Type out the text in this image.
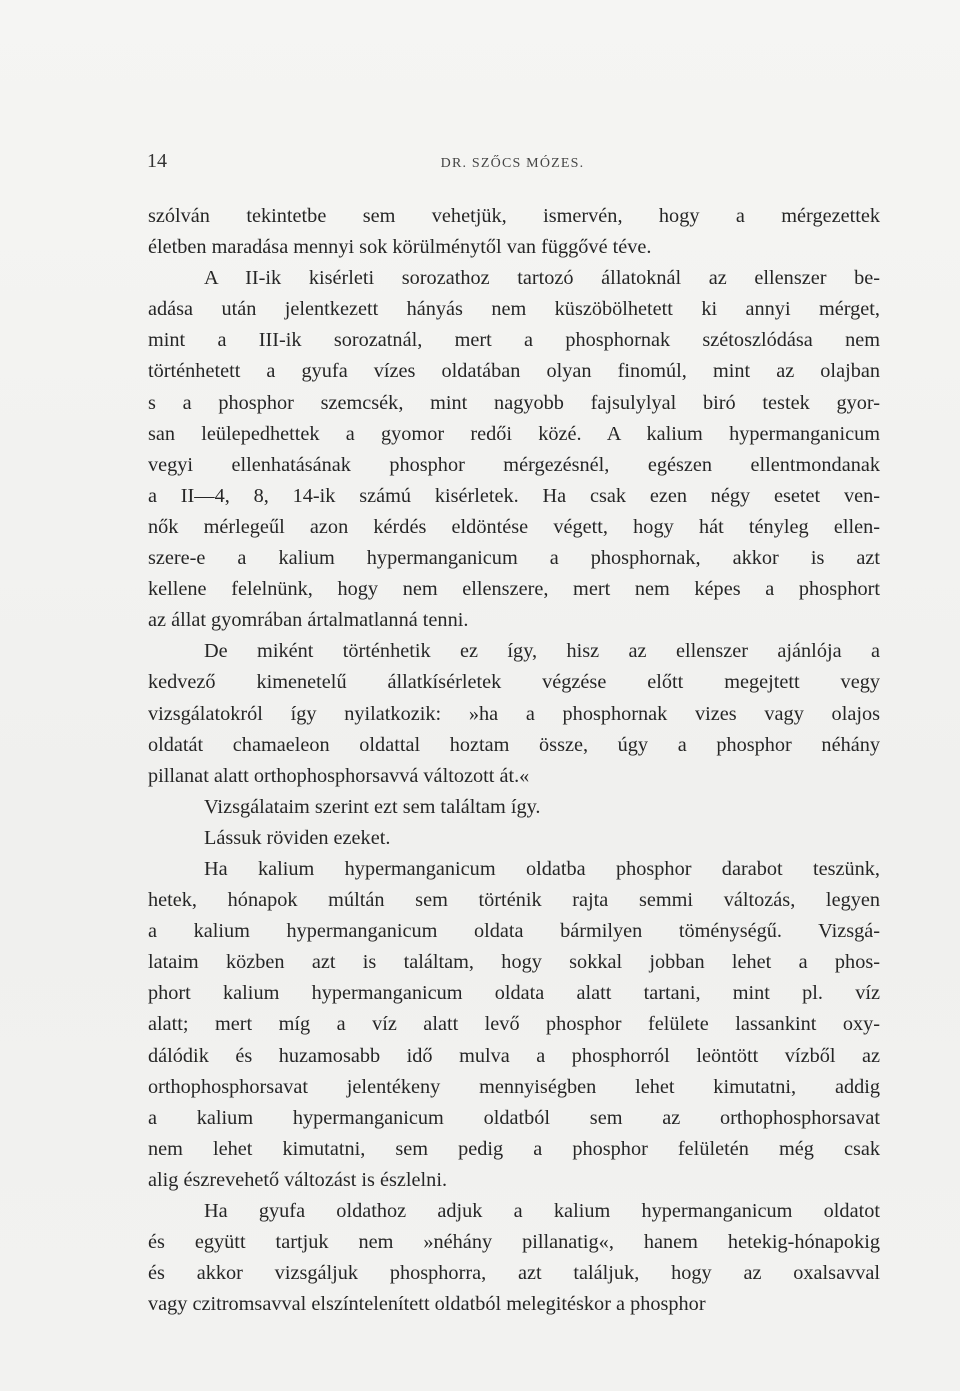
14	DR. SZŐCS MÓZES.
szólván tekintetbe sem vehetjük, ismervén, hogy a mérgezettek
életben maradása mennyi sok körülménytől van függővé téve.
A II-ik kisérleti sorozathoz tartozó állatoknál az ellenszer be-
adása után jelentkezett hányás nem küszöbölhetett ki annyi mérget,
mint a III-ik sorozatnál, mert a phosphornak szétoszlódása nem
történhetett a gyufa vízes oldatában olyan finomúl, mint az olajban
s a phosphor szemcsék, mint nagyobb fajsulylyal biró testek gyor-
san leülepedhettek a gyomor redői közé. A kalium hypermanganicum
vegyi ellenhatásának phosphor mérgezésnél, egészen ellentmondanak
a II—4, 8, 14-ik számú kisérletek. Ha csak ezen négy esetet ven-
nők mérlegeűl azon kérdés eldöntése végett, hogy hát tényleg ellen-
szere-e a kalium hypermanganicum a phosphornak, akkor is azt
kellene felelnünk, hogy nem ellenszere, mert nem képes a phosphort
az állat gyomrában ártalmatlanná tenni.
De miként történhetik ez így, hisz az ellenszer ajánlója a
kedvező kimenetelű állatkísérletek végzése előtt megejtett vegy
vizsgálatokról így nyilatkozik: »ha a phosphornak vizes vagy olajos
oldatát chamaeleon oldattal hoztam össze, úgy a phosphor néhány
pillanat alatt orthophosphorsavvá változott át.«
Vizsgálataim szerint ezt sem találtam így.
Lássuk röviden ezeket.
Ha kalium hypermanganicum oldatba phosphor darabot teszünk,
hetek, hónapok múltán sem történik rajta semmi változás, legyen
a kalium hypermanganicum oldata bármilyen töménységű. Vizsgá-
lataim közben azt is találtam, hogy sokkal jobban lehet a phos-
phort kalium hypermanganicum oldata alatt tartani, mint pl. víz
alatt; mert míg a víz alatt levő phosphor felülete lassankint oxy-
dálódik és huzamosabb idő mulva a phosphorról leöntött vízből az
orthophosphorsavat jelentékeny mennyiségben lehet kimutatni, addig
a kalium hypermanganicum oldatból sem az orthophosphorsavat
nem lehet kimutatni, sem pedig a phosphor felületén még csak
alig észrevehető változást is észlelni.
Ha gyufa oldathoz adjuk a kalium hypermanganicum oldatot
és együtt tartjuk nem »néhány pillanatig«, hanem hetekig-hónapokig
és akkor vizsgáljuk phosphorra, azt találjuk, hogy az oxalsavval
vagy czitromsavval elszíntelenített oldatból melegitéskor a phosphor
